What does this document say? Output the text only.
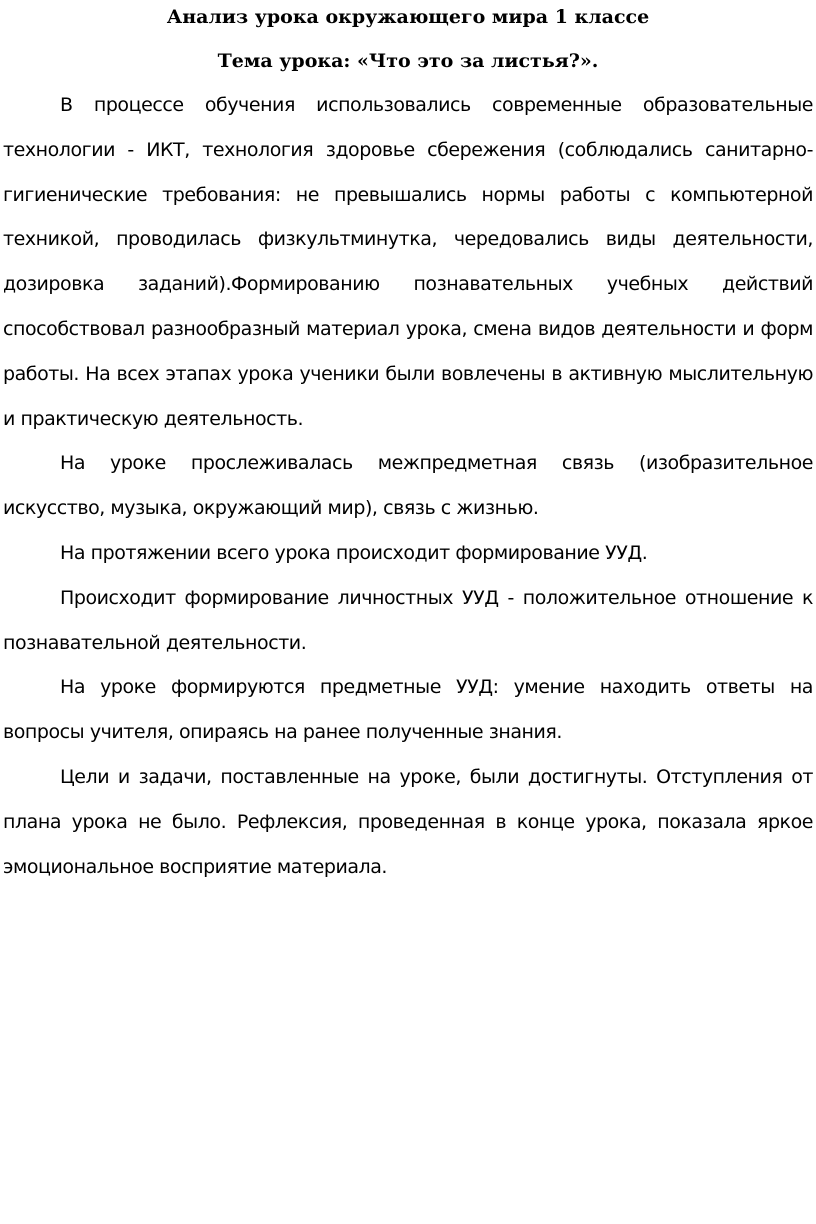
Анализ урока окружающего мира 1 классе
Тема урока: «Что это за листья?».

В процессе обучения использовались современные образовательные технологии - ИКТ, технология здоровье сбережения (соблюдались санитарно-гигиенические требования: не превышались нормы работы с компьютерной техникой, проводилась физкультминутка, чередовались виды деятельности, дозировка заданий).Формированию познавательных учебных действий способствовал разнообразный материал урока, смена видов деятельности и форм работы. На всех этапах урока ученики были вовлечены в активную мыслительную и практическую деятельность.

На уроке прослеживалась межпредметная связь (изобразительное искусство, музыка, окружающий мир), связь с жизнью.

На протяжении всего урока происходит формирование УУД.

Происходит формирование личностных УУД - положительное отношение к познавательной деятельности.

На уроке формируются предметные УУД: умение находить ответы на вопросы учителя, опираясь на ранее полученные знания.

Цели и задачи, поставленные на уроке, были достигнуты. Отступления от плана урока не было. Рефлексия, проведенная в конце урока, показала яркое эмоциональное восприятие материала.
